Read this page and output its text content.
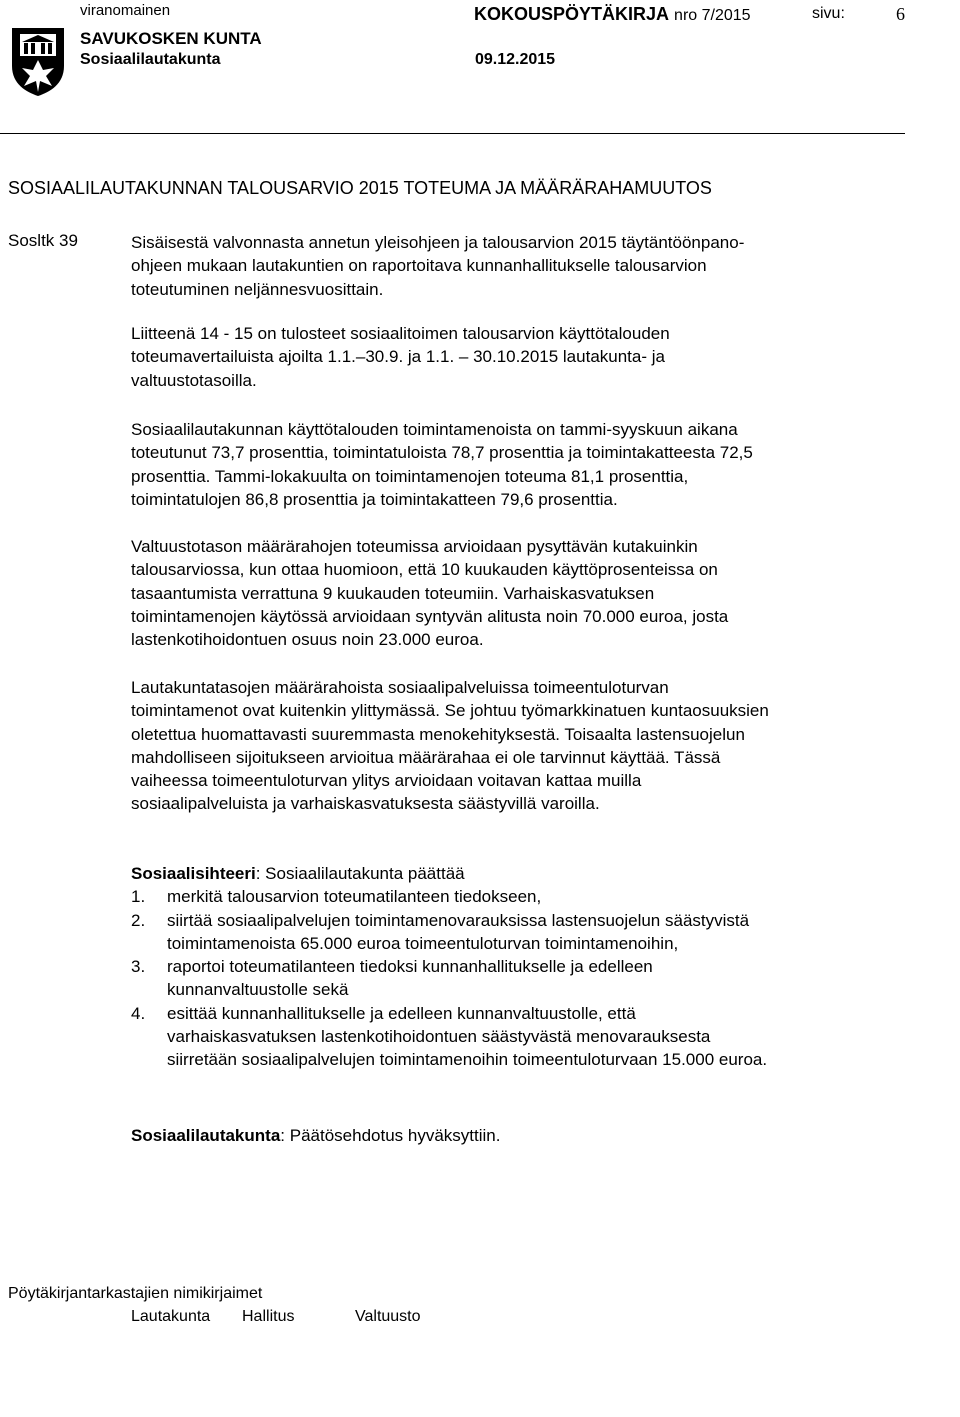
viranomainen	KOKOUSPÖYTÄKIRJA nro 7/2015	sivu:	6
SAVUKOSKEN KUNTA
Sosiaalilautakunta	09.12.2015
SOSIAALILAUTAKUNNAN TALOUSARVIO 2015 TOTEUMA JA MÄÄRÄRAHAMUUTOS
Sosltk 39	Sisäisestä valvonnasta annetun yleisohjeen ja talousarvion 2015 täytäntöönpano-
ohjeen mukaan lautakuntien on raportoitava kunnanhallitukselle talousarvion
toteutuminen neljännesvuosittain.
Liitteenä 14 - 15 on tulosteet sosiaalitoimen talousarvion käyttötalouden
toteumavertailuista ajoilta 1.1.–30.9. ja 1.1. – 30.10.2015 lautakunta- ja
valtuustotasoilla.
Sosiaalilautakunnan käyttötalouden toimintamenoista on tammi-syyskuun aikana
toteutunut 73,7 prosenttia, toimintatuloista 78,7 prosenttia ja toimintakatteesta 72,5
prosenttia. Tammi-lokakuulta on toimintamenojen toteuma 81,1 prosenttia,
toimintatulojen 86,8 prosenttia ja toimintakatteen 79,6 prosenttia.
Valtuustotason määrärahojen toteumissa arvioidaan pysyttävän kutakuinkin
talousarviossa, kun ottaa huomioon, että 10 kuukauden käyttöprosenteissa on
tasaantumista verrattuna 9 kuukauden toteumiin. Varhaiskasvatuksen
toimintamenojen käytössä arvioidaan syntyvän alitusta noin 70.000 euroa, josta
lastenkotihoidontuen osuus noin 23.000 euroa.
Lautakuntatasojen määrärahoista sosiaalipalveluissa toimeentuloturvan
toimintamenot ovat kuitenkin ylittymässä. Se johtuu työmarkkinatuen kuntaosuuksien
oletettua huomattavasti suuremmasta menokehityksestä. Toisaalta lastensuojelun
mahdolliseen sijoitukseen arvioitua määrärahaa ei ole tarvinnut käyttää. Tässä
vaiheessa toimeentuloturvan ylitys arvioidaan voitavan kattaa muilla
sosiaalipalveluista ja varhaiskasvatuksesta säästyvillä varoilla.
Sosiaalisihteeri: Sosiaalilautakunta päättää
1. merkitä talousarvion toteumatilanteen tiedokseen,
2. siirtää sosiaalipalvelujen toimintamenovarauksissa lastensuojelun säästyvistä
toimintamenoista 65.000 euroa toimeentuloturvan toimintamenoihin,
3. raportoi toteumatilanteen tiedoksi kunnanhallitukselle ja edelleen
kunnanvaltuustolle sekä
4. esittää kunnanhallitukselle ja edelleen kunnanvaltuustolle, että
varhaiskasvatuksen lastenkotihoidontuen säästyvästä menovarauksesta
siirretään sosiaalipalvelujen toimintamenoihin toimeentuloturvaan 15.000 euroa.
Sosiaalilautakunta: Päätösehdotus hyväksyttiin.
Pöytäkirjantarkastajien nimikirjaimet
Lautakunta Hallitus	Valtuusto
